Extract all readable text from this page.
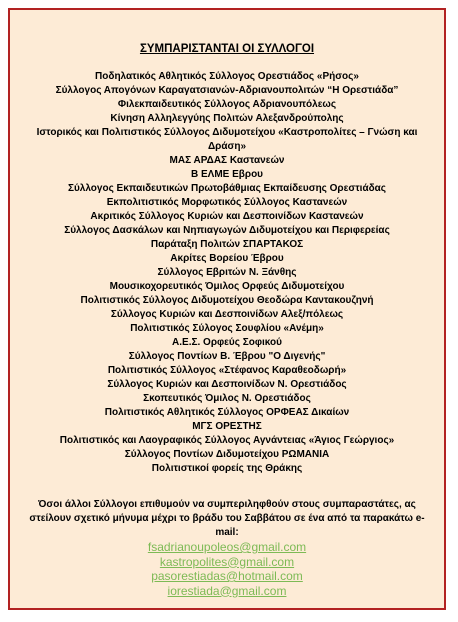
ΣΥΜΠΑΡΙΣΤΑΝΤΑΙ ΟΙ ΣΥΛΛΟΓΟΙ
Ποδηλατικός Αθλητικός Σύλλογος Ορεστιάδος «Ρήσος»
Σύλλογος Απογόνων Καραγατσιανών-Αδριανουπολιτών “Η Ορεστιάδα”
Φιλεκπαιδευτικός Σύλλογος Αδριανουπόλεως
Κίνηση Αλληλεγγύης Πολιτών Αλεξανδρούπολης
Ιστορικός και Πολιτιστικός Σύλλογος Διδυμοτείχου «Καστροπολίτες – Γνώση και Δράση»
ΜΑΣ ΑΡΔΑΣ Καστανεών
Β ΕΛΜΕ Εβρου
Σύλλογος Εκπαιδευτικών Πρωτοβάθμιας Εκπαίδευσης Ορεστιάδας
Εκπολιτιστικός Μορφωτικός Σύλλογος Καστανεών
Ακριτικός Σύλλογος Κυριών και Δεσποινίδων Καστανεών
Σύλλογος Δασκάλων και Νηπιαγωγών Διδυμοτείχου και Περιφερείας
Παράταξη Πολιτών ΣΠΑΡΤΑΚΟΣ
Ακρίτες Βορείου Έβρου
Σύλλογος Εβριτών Ν. Ξάνθης
Μουσικοχορευτικός Όμιλος Ορφεύς Διδυμοτείχου
Πολιτιστικός Σύλλογος Διδυμοτείχου Θεοδώρα Καντακουζηνή
Σύλλογος Κυριών και Δεσποινίδων Αλεξ/πόλεως
Πολιτιστικός Σύλογος Σουφλίου «Ανέμη»
Α.Ε.Σ. Ορφεύς Σοφικού
Σύλλογος Ποντίων Β. Έβρου "Ο Διγενής"
Πολιτιστικός Σύλλογος «Στέφανος Καραθεοδωρή»
Σύλλογος Κυριών και Δεσποινίδων Ν. Ορεστιάδος
Σκοπευτικός Όμιλος Ν. Ορεστιάδος
Πολιτιστικός Αθλητικός Σύλλογος ΟΡΦΕΑΣ Δικαίων
ΜΓΣ ΟΡΕΣΤΗΣ
Πολιτιστικός και Λαογραφικός Σύλλογος Αγνάντειας «Άγιος Γεώργιος»
Σύλλογος Ποντίων Διδυμοτείχου ΡΩΜΑΝΙΑ
Πολιτιστικοί φορείς της Θράκης

Όσοι άλλοι Σύλλογοι επιθυμούν να συμπεριληφθούν στους συμπαραστάτες, ας στείλουν σχετικό μήνυμα μέχρι το βράδυ του Σαββάτου σε ένα από τα παρακάτω e-mail:

fsadrianoupoleos@gmail.com
kastropolites@gmail.com
pasorestiadas@hotmail.com
iorestiada@gmail.com
